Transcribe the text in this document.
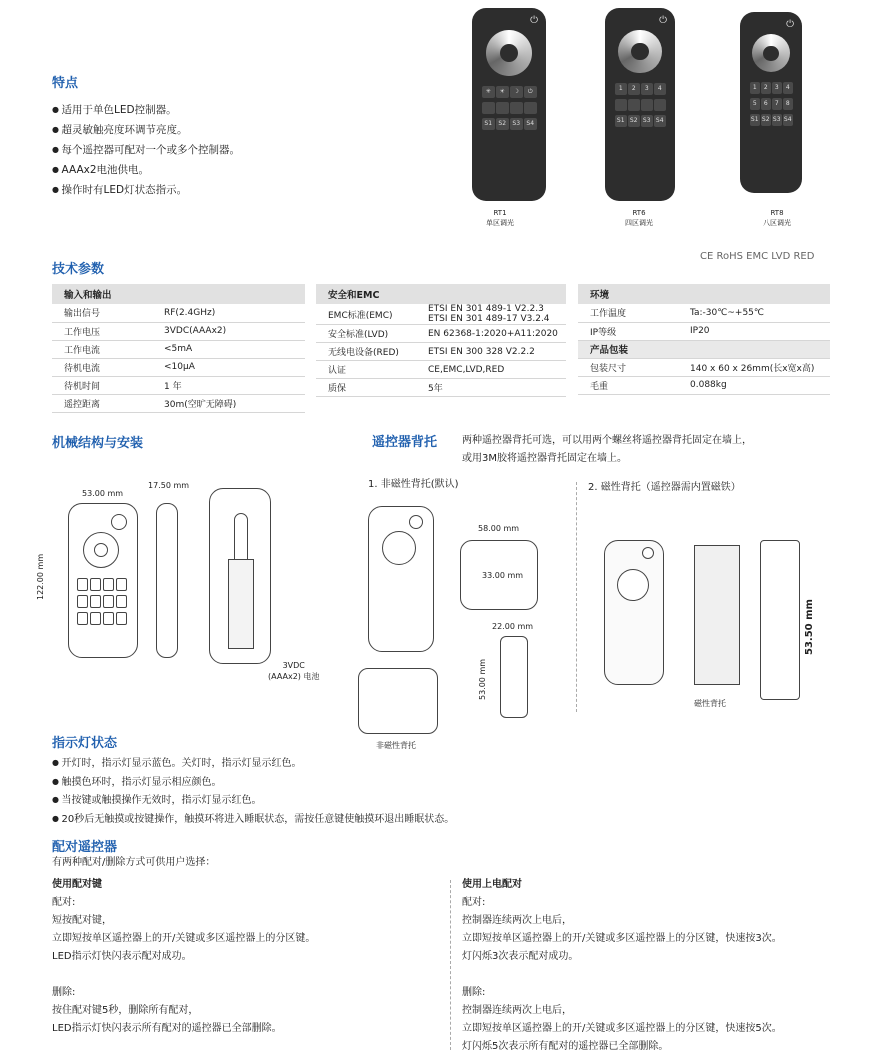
特点
● 适用于单色LED控制器。
● 超灵敏触亮度环调节亮度。
● 每个遥控器可配对一个或多个控制器。
● AAAx2电池供电。
● 操作时有LED灯状态指示。
⏻
✳	☀	☽	⏻
S1	S2	S3	S4
⏻
1	2	3	4
S1 S2 S3 S4
⏻
1	2	3	4
5	6	7	8
S1 S2 S3 S4
RT1
单区调光
RT6
四区调光
RT8
八区调光
技术参数
CE RoHS EMC LVD RED
输入和输出	
输出信号	RF(2.4GHz)
工作电压	3VDC(AAAx2)
工作电流	<5mA
待机电流	<10μA
待机时间	1 年
遥控距离	30m(空旷无障碍)
安全和EMC	
EMC标准(EMC)	ETSI EN 301 489-1 V2.2.3
ETSI EN 301 489-17 V3.2.4
安全标准(LVD)	EN 62368-1:2020+A11:2020
无线电设备(RED)	ETSI EN 300 328 V2.2.2
认证	CE,EMC,LVD,RED
质保	5年
环境	
工作温度	Ta:-30℃~+55℃
IP等级	IP20
产品包装	
包装尺寸	140 x 60 x 26mm(长x宽x高)
毛重	0.088kg
机械结构与安装
53.00 mm
17.50 mm
122.00 mm
3VDC
(AAAx2) 电池
遥控器背托 两种遥控器背托可选，可以用两个螺丝将遥控器背托固定在墙上，
或用3M胶将遥控器背托固定在墙上。
1. 非磁性背托(默认)	2. 磁性背托（遥控器需内置磁铁）
非磁性背托
58.00 mm
33.00 mm
22.00 mm
53.00 mm
磁性背托
53.50 mm
指示灯状态
● 开灯时，指示灯显示蓝色。关灯时，指示灯显示红色。
● 触摸色环时，指示灯显示相应颜色。
● 当按键或触摸操作无效时，指示灯显示红色。
● 20秒后无触摸或按键操作，触摸环将进入睡眠状态，需按任意键使触摸环退出睡眠状态。
配对遥控器
有两种配对/删除方式可供用户选择：
使用配对键
配对:
短按配对键，
立即短按单区遥控器上的开/关键或多区遥控器上的分区键。
LED指示灯快闪表示配对成功。
删除:
按住配对键5秒，删除所有配对，
LED指示灯快闪表示所有配对的遥控器已全部删除。
使用上电配对
配对:
控制器连续两次上电后，
立即短按单区遥控器上的开/关键或多区遥控器上的分区键，快速按3次。
灯闪烁3次表示配对成功。
删除:
控制器连续两次上电后，
立即短按单区遥控器上的开/关键或多区遥控器上的分区键，快速按5次。
灯闪烁5次表示所有配对的遥控器已全部删除。
